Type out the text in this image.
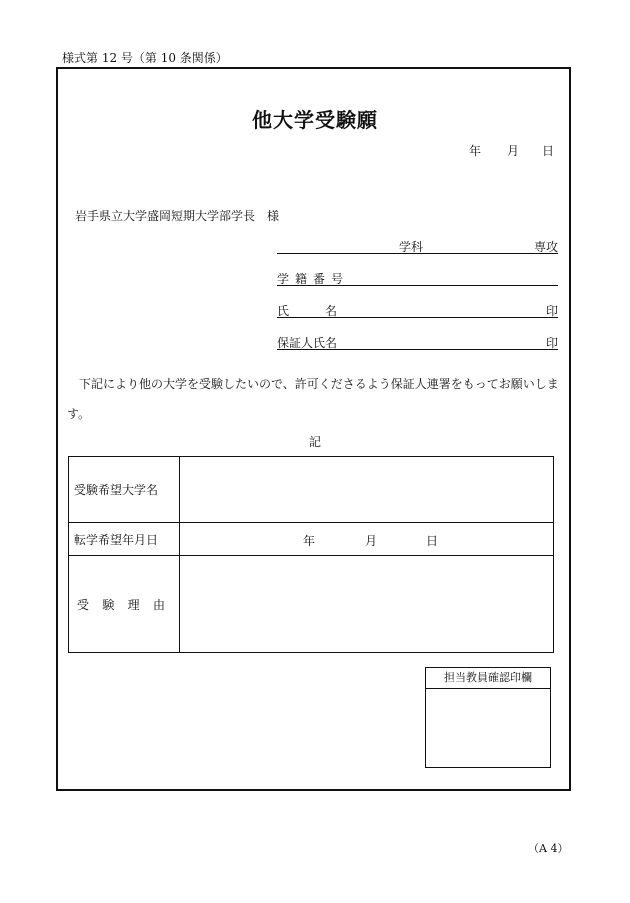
様式第 12 号（第 10 条関係）
他大学受験願
年 月 日
岩手県立大学盛岡短期大学部学長　様
学科	専攻
学籍番号
氏	名	印
保証人氏名	印
下記により他の大学を受験したいので、許可くださるよう保証人連署をもってお願いします。
記
受験希望大学名	
転学希望年月日	年 月 日

受 験 理 由	

担当教員確認印欄
（A 4）
